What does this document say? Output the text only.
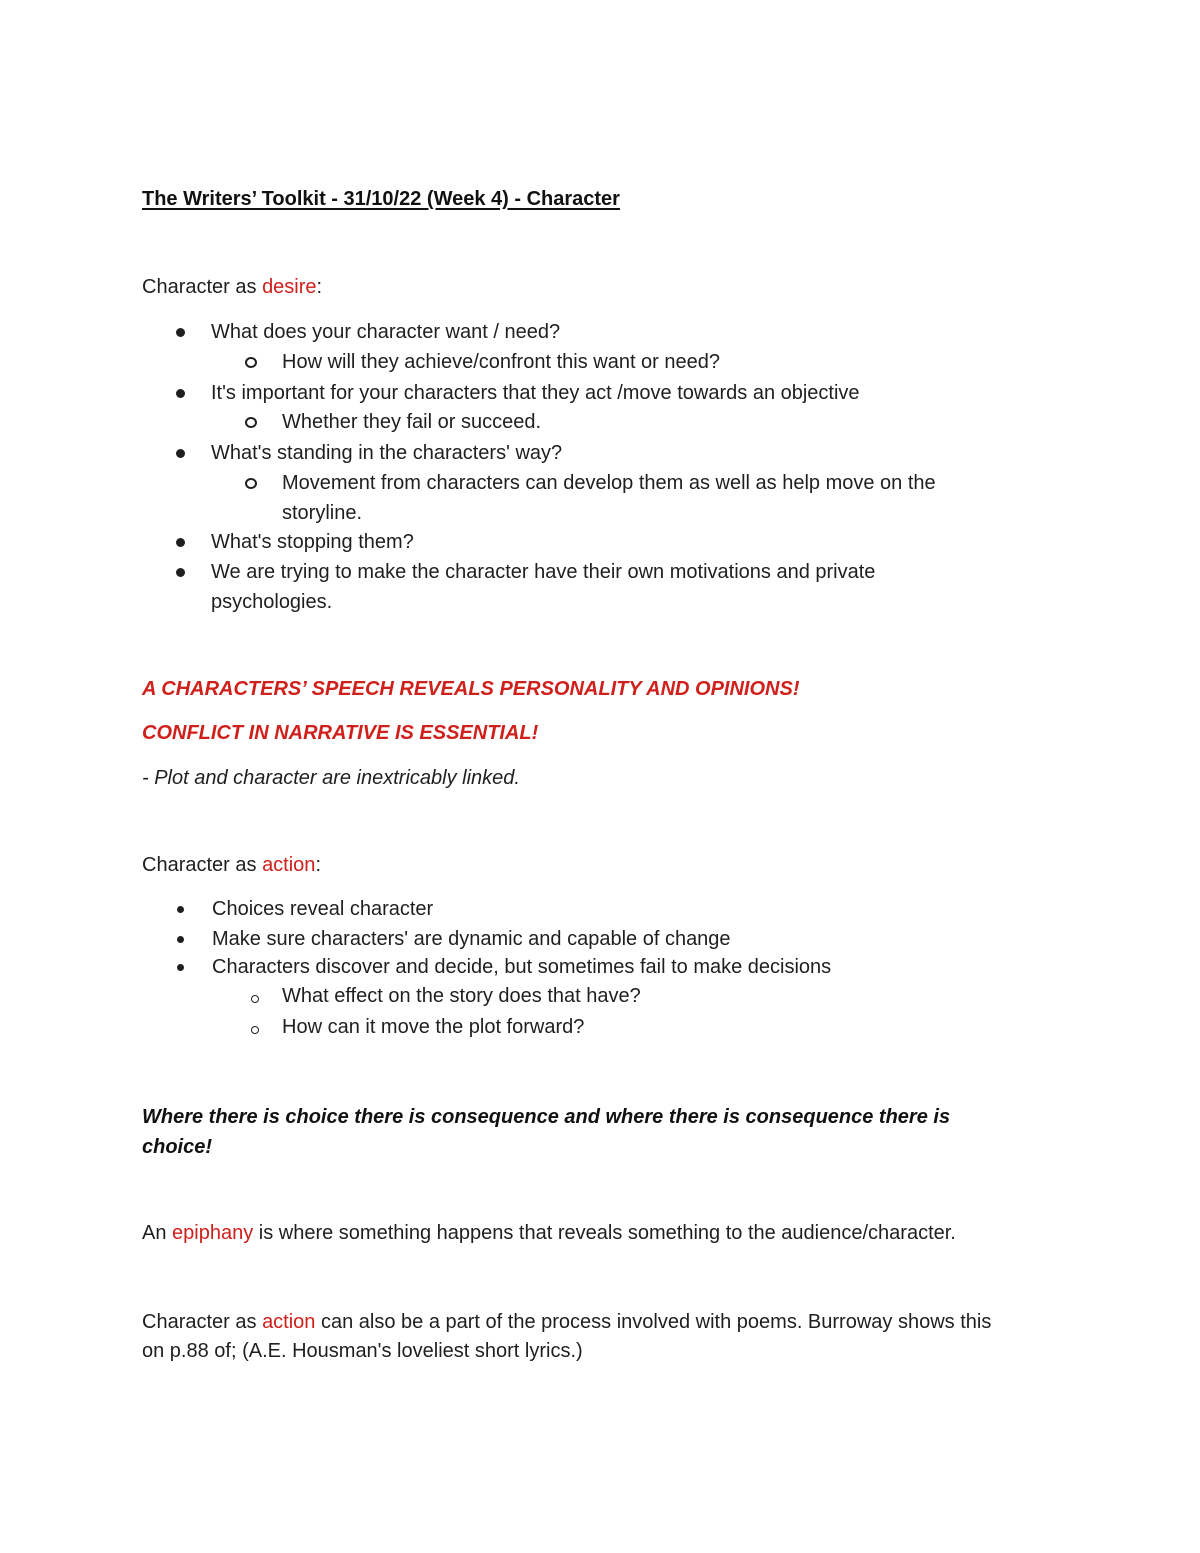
The Writers’ Toolkit - 31/10/22 (Week 4) - Character
Character as desire:
What does your character want / need?
How will they achieve/confront this want or need?
It's important for your characters that they act /move towards an objective
Whether they fail or succeed.
What's standing in the characters' way?
Movement from characters can develop them as well as help move on the
storyline.
What's stopping them?
We are trying to make the character have their own motivations and private
psychologies.
A CHARACTERS’ SPEECH REVEALS PERSONALITY AND OPINIONS!
CONFLICT IN NARRATIVE IS ESSENTIAL!
- Plot and character are inextricably linked.
Character as action:
Choices reveal character
Make sure characters' are dynamic and capable of change
Characters discover and decide, but sometimes fail to make decisions
What effect on the story does that have?
How can it move the plot forward?
Where there is choice there is consequence and where there is consequence there is
choice!
An epiphany is where something happens that reveals something to the audience/character.
Character as action can also be a part of the process involved with poems. Burroway shows this
on p.88 of; (A.E. Housman's loveliest short lyrics.)
